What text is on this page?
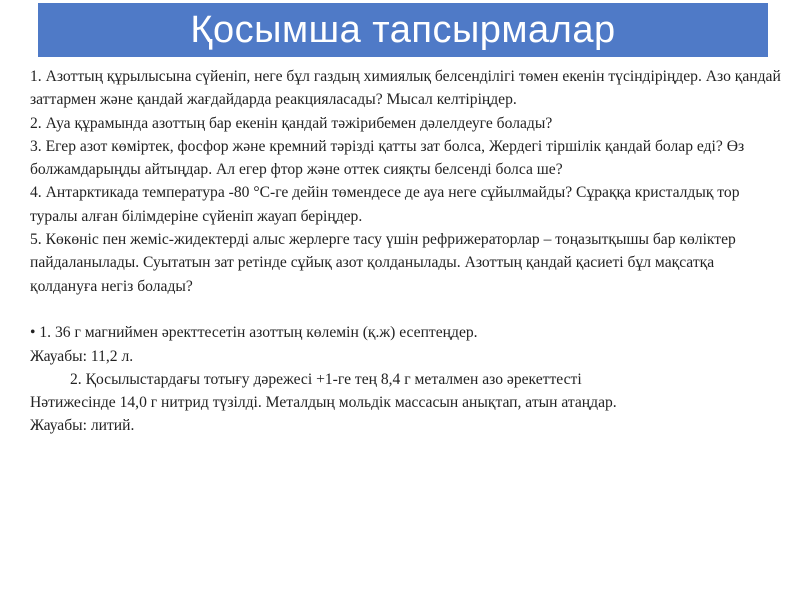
Қосымша тапсырмалар

1. Азоттың құрылысына сүйеніп, неге бұл газдың химиялық белсенділігі төмен екенін түсіндіріңдер. Азо қандай заттармен және қандай жағдайдарда реакцияласады? Мысал келтіріңдер.

2. Ауа құрамында азоттың бар екенін қандай тәжірибемен дәлелдеуге болады?

3. Егер азот көміртек, фосфор және кремний тәрізді қатты зат болса, Жердегі тіршілік қандай болар еді? Өз болжамдарыңды айтыңдар. Ал егер фтор және оттек сияқты белсенді болса ше?

4. Антарктикада температура -80 °С-ге дейін төмендесе де ауа неге сұйылмайды? Сұраққа кристалдық тор туралы алған білімдеріне сүйеніп жауап беріңдер.

5. Көкөніс пен жеміс-жидектерді алыс жерлерге тасу үшін рефрижераторлар – тоңазытқышы бар көліктер пайдаланылады. Суытатын зат ретінде сұйық азот қолданылады. Азоттың қандай қасиеті бұл мақсатқа қолдануға негіз болады?

• 1. 36 г магниймен әректтесетін азоттың көлемін (қ.ж) есептеңдер.

Жауабы: 11,2 л.

2. Қосылыстардағы тотығу дәрежесі +1-ге тең 8,4 г металмен азо әрекеттесті

Нәтижесінде 14,0 г нитрид түзілді. Металдың мольдік массасын анықтап, атын атаңдар.

Жауабы: литий.
